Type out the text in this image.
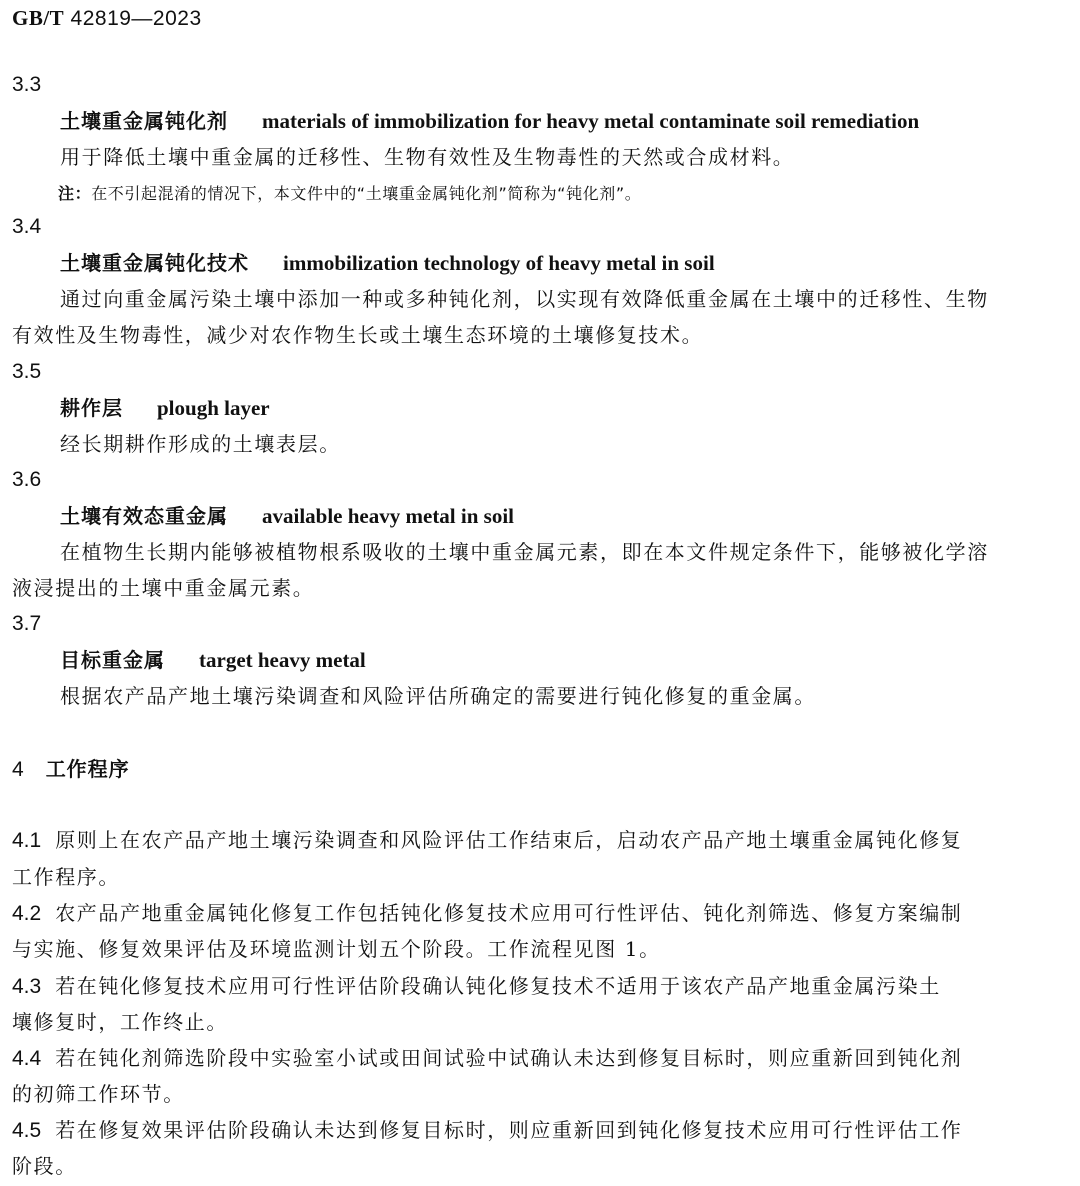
GB/T 42819—2023
3.3
土壤重金属钝化剂 materials of immobilization for heavy metal contaminate soil remediation
用于降低土壤中重金属的迁移性、生物有效性及生物毒性的天然或合成材料。
注：在不引起混淆的情况下，本文件中的“土壤重金属钝化剂”简称为“钝化剂”。
3.4
土壤重金属钝化技术 immobilization technology of heavy metal in soil
通过向重金属污染土壤中添加一种或多种钝化剂，以实现有效降低重金属在土壤中的迁移性、生物
有效性及生物毒性，减少对农作物生长或土壤生态环境的土壤修复技术。
3.5
耕作层 plough layer
经长期耕作形成的土壤表层。
3.6
土壤有效态重金属 available heavy metal in soil
在植物生长期内能够被植物根系吸收的土壤中重金属元素，即在本文件规定条件下，能够被化学溶
液浸提出的土壤中重金属元素。
3.7
目标重金属 target heavy metal
根据农产品产地土壤污染调查和风险评估所确定的需要进行钝化修复的重金属。
4 工作程序
4.1 原则上在农产品产地土壤污染调查和风险评估工作结束后，启动农产品产地土壤重金属钝化修复
工作程序。
4.2 农产品产地重金属钝化修复工作包括钝化修复技术应用可行性评估、钝化剂筛选、修复方案编制
与实施、修复效果评估及环境监测计划五个阶段。工作流程见图 1。
4.3 若在钝化修复技术应用可行性评估阶段确认钝化修复技术不适用于该农产品产地重金属污染土
壤修复时，工作终止。
4.4 若在钝化剂筛选阶段中实验室小试或田间试验中试确认未达到修复目标时，则应重新回到钝化剂
的初筛工作环节。
4.5 若在修复效果评估阶段确认未达到修复目标时，则应重新回到钝化修复技术应用可行性评估工作
阶段。
